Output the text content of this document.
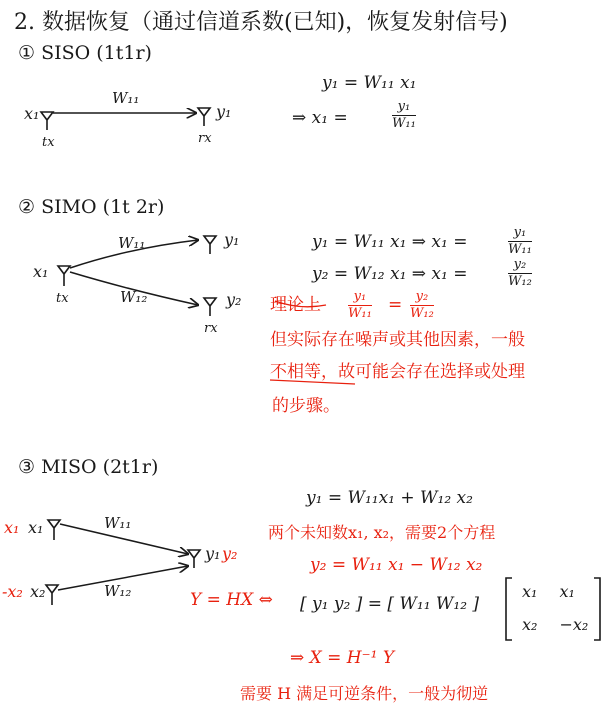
2. 数据恢复（通过信道系数(已知)，恢复发射信号)
① SISO (1t1r)
x₁
tx
W₁₁
y₁
rx
y₁ = W₁₁ x₁
⇒ x₁ =
y₁
W₁₁
② SIMO (1t 2r)
x₁
tx
W₁₁
W₁₂
y₁
y₂
rx
y₁ = W₁₁ x₁ ⇒ x₁ =	y₁
W₁₁
y₂ = W₁₂ x₁ ⇒ x₁ =	y₂
W₁₂
理论上	y₁
W₁₁ = y₂
W₁₂
但实际存在噪声或其他因素，一般
不相等，故可能会存在选择或处理
的步骤。
③ MISO (2t1r)
x₁ x₁
-x₂ x₂
W₁₁
W₁₂
y₁ y₂
y₁ = W₁₁x₁ + W₁₂ x₂
两个未知数x₁, x₂，需要2个方程
y₂ = W₁₁ x₁ − W₁₂ x₂
Y = HX ⇔ [ y₁ y₂ ] = [ W₁₁ W₁₂ ]
x₁ x₁
x₂ −x₂
⇒ X = H⁻¹ Y
需要 H 满足可逆条件，一般为彻逆
